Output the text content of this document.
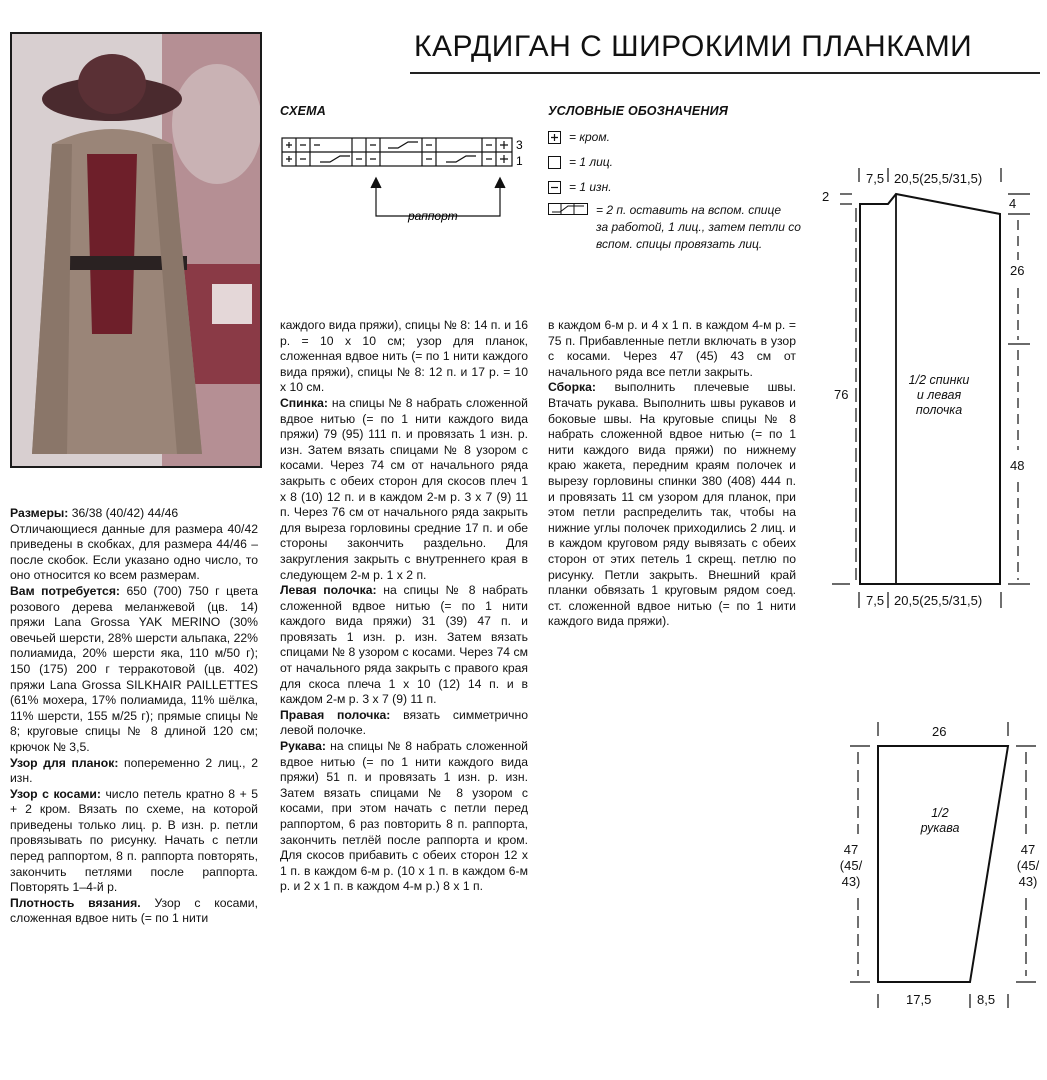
КАРДИГАН С ШИРОКИМИ ПЛАНКАМИ

Размеры: 36/38 (40/42) 44/46

Отличающиеся данные для размера 40/42 приведены в скобках, для размера 44/46 – после скобок. Если указано одно число, то оно относится ко всем размерам.

Вам потребуется: 650 (700) 750 г цвета розового дерева меланжевой (цв. 14) пряжи Lana Grossa YAK MERINO (30% овечьей шерсти, 28% шерсти альпака, 22% полиамида, 20% шерсти яка, 110 м/50 г); 150 (175) 200 г терракотовой (цв. 402) пряжи Lana Grossa SILKHAIR PAILLETTES (61% мохера, 17% полиамида, 11% шёлка, 11% шерсти, 155 м/25 г); прямые спицы № 8; круговые спицы № 8 длиной 120 см; крючок № 3,5.

Узор для планок: попеременно 2 лиц., 2 изн.

Узор с косами: число петель кратно 8 + 5 + 2 кром. Вязать по схеме, на которой приведены только лиц. р. В изн. р. петли провязывать по рисунку. Начать с петли перед раппортом, 8 п. раппорта повторять, закончить петлями после раппорта. Повторять 1–4-й р.

Плотность вязания. Узор с косами, сложенная вдвое нить (= по 1 нити

каждого вида пряжи), спицы № 8: 14 п. и 16 р. = 10 x 10 см; узор для планок, сложенная вдвое нить (= по 1 нити каждого вида пряжи), спицы № 8: 12 п. и 17 р. = 10 x 10 см.

Спинка: на спицы № 8 набрать сложенной вдвое нитью (= по 1 нити каждого вида пряжи) 79 (95) 111 п. и провязать 1 изн. р. изн. Затем вязать спицами № 8 узором с косами. Через 74 см от начального ряда закрыть с обеих сторон для скосов плеч 1 x 8 (10) 12 п. и в каждом 2-м р. 3 x 7 (9) 11 п. Через 76 см от начального ряда закрыть для выреза горловины средние 17 п. и обе стороны закончить раздельно. Для закругления закрыть с внутреннего края в следующем 2-м р. 1 x 2 п.

Левая полочка: на спицы № 8 набрать сложенной вдвое нитью (= по 1 нити каждого вида пряжи) 31 (39) 47 п. и провязать 1 изн. р. изн. Затем вязать спицами № 8 узором с косами. Через 74 см от начального ряда закрыть с правого края для скоса плеча 1 x 10 (12) 14 п. и в каждом 2-м р. 3 x 7 (9) 11 п.

Правая полочка: вязать симметрично левой полочке.

Рукава: на спицы № 8 набрать сложенной вдвое нитью (= по 1 нити каждого вида пряжи) 51 п. и провязать 1 изн. р. изн. Затем вязать спицами № 8 узором с косами, при этом начать с петли перед раппортом, 6 раз повторить 8 п. раппорта, закончить петлёй после раппорта и кром. Для скосов прибавить с обеих сторон 12 x 1 п. в каждом 6-м р. (10 x 1 п. в каждом 6-м р. и 2 x 1 п. в каждом 4-м р.) 8 x 1 п.

в каждом 6-м р. и 4 x 1 п. в каждом 4-м р. = 75 п. Прибавленные петли включать в узор с косами. Через 47 (45) 43 см от начального ряда все петли закрыть.

Сборка: выполнить плечевые швы. Втачать рукава. Выполнить швы рукавов и боковые швы. На круговые спицы № 8 набрать сложенной вдвое нитью (= по 1 нити каждого вида пряжи) по нижнему краю жакета, передним краям полочек и вырезу горловины спинки 380 (408) 444 п. и провязать 11 см узором для планок, при этом петли распределить так, чтобы на нижние углы полочек приходились 2 лиц. и в каждом круговом ряду вывязать с обеих сторон от этих петель 1 скрещ. петлю по рисунку. Петли закрыть. Внешний край планки обвязать 1 круговым рядом соед. ст. сложенной вдвое нитью (= по 1 нити каждого вида пряжи).

СХЕМА	УСЛОВНЫЕ ОБОЗНАЧЕНИЯ
3
1
раппорт
= кром.
= 1 лиц.
= 1 изн.
= 2 п. оставить на вспом. спице
за работой, 1 лиц., затем петли со
вспом. спицы провязать лиц.
7,5 20,5(25,5/31,5)
7,5 20,5(25,5/31,5)
2	4
26
48
76
1/2 спинки и левая полочка
26
47 (45/ 43)
47 (45/ 43)
17,5	8,5
1/2 рукава
